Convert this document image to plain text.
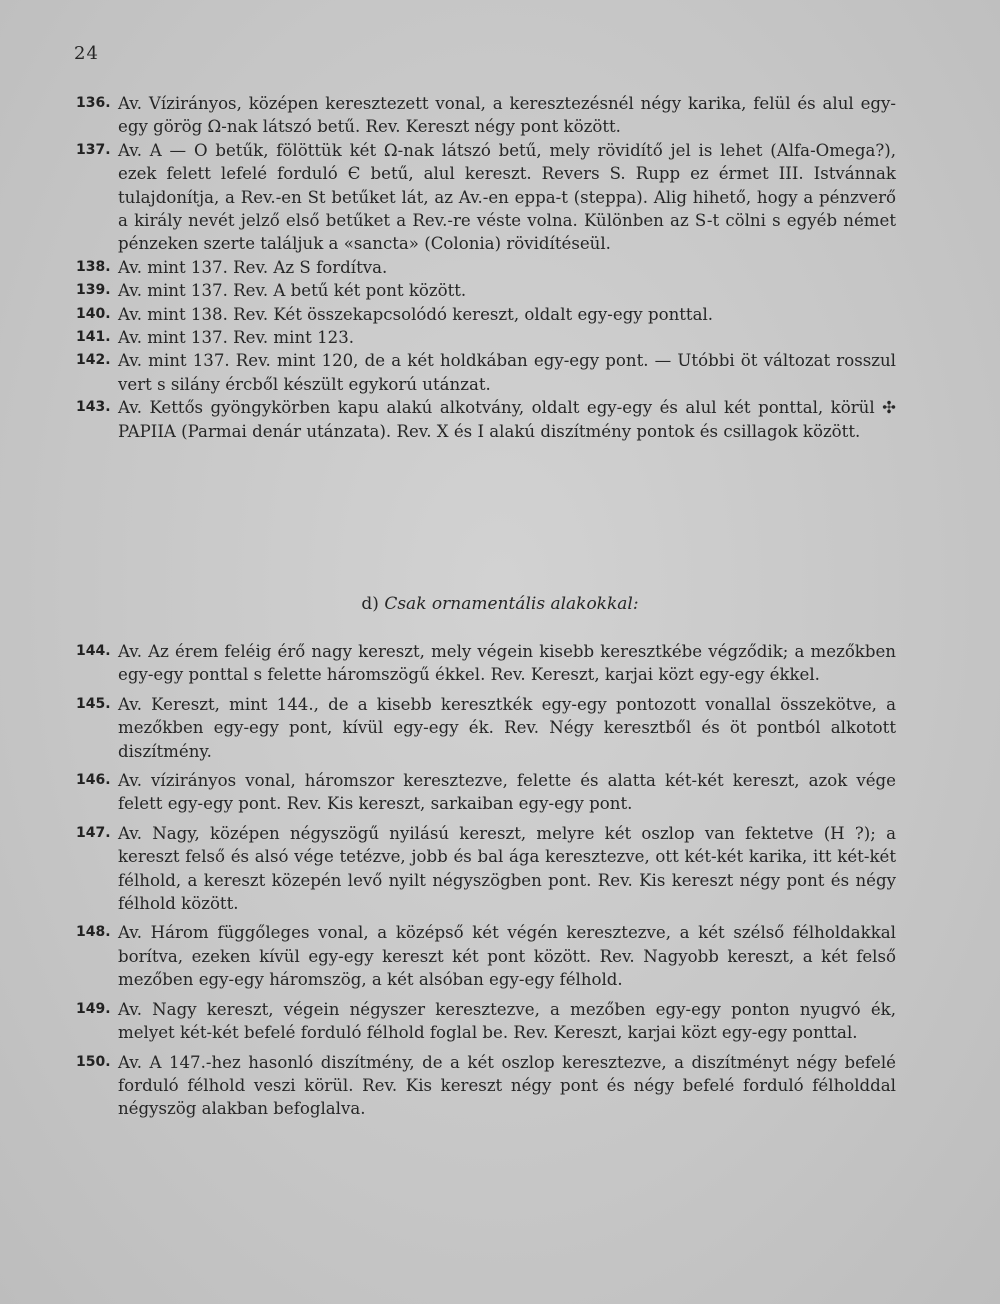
24
136. Av. Vízirányos, középen keresztezett vonal, a keresztezésnél négy karika, felül és alul egy-egy görög Ω-nak látszó betű. Rev. Kereszt négy pont között.
137. Av. A — O betűk, fölöttük két Ω-nak látszó betű, mely rövidítő jel is lehet (Alfa-Omega?), ezek felett lefelé forduló Є betű, alul kereszt. Revers S. Rupp ez érmet III. Istvánnak tulajdonítja, a Rev.-en St betűket lát, az Av.-en eppa-t (steppa). Alig hihető, hogy a pénzverő a király nevét jelző első betűket a Rev.-re véste volna. Különben az S-t cölni s egyéb német pénzeken szerte találjuk a «sancta» (Colonia) rövidítéseül.
138. Av. mint 137. Rev. Az S fordítva.
139. Av. mint 137. Rev. A betű két pont között.
140. Av. mint 138. Rev. Két összekapcsolódó kereszt, oldalt egy-egy ponttal.
141. Av. mint 137. Rev. mint 123.
142. Av. mint 137. Rev. mint 120, de a két holdkában egy-egy pont. — Utóbbi öt változat rosszul vert s silány ércből készült egykorú utánzat.
143. Av. Kettős gyöngykörben kapu alakú alkotvány, oldalt egy-egy és alul két ponttal, körül ✣ PAPIIA (Parmai denár utánzata). Rev. X és I alakú diszítmény pontok és csillagok között.
d) Csak ornamentális alakokkal:
144. Av. Az érem feléig érő nagy kereszt, mely végein kisebb keresztkébe végződik; a mezőkben egy-egy ponttal s felette háromszögű ékkel. Rev. Kereszt, karjai közt egy-egy ékkel.
145. Av. Kereszt, mint 144., de a kisebb keresztkék egy-egy pontozott vonallal összekötve, a mezőkben egy-egy pont, kívül egy-egy ék. Rev. Négy keresztből és öt pontból alkotott diszítmény.
146. Av. vízirányos vonal, háromszor keresztezve, felette és alatta két-két kereszt, azok vége felett egy-egy pont. Rev. Kis kereszt, sarkaiban egy-egy pont.
147. Av. Nagy, középen négyszögű nyilású kereszt, melyre két oszlop van fektetve (H ?); a kereszt felső és alsó vége tetézve, jobb és bal ága keresztezve, ott két-két karika, itt két-két félhold, a kereszt közepén levő nyilt négyszögben pont. Rev. Kis kereszt négy pont és négy félhold között.
148. Av. Három függőleges vonal, a középső két végén keresztezve, a két szélső félholdakkal borítva, ezeken kívül egy-egy kereszt két pont között. Rev. Nagyobb kereszt, a két felső mezőben egy-egy háromszög, a két alsóban egy-egy félhold.
149. Av. Nagy kereszt, végein négyszer keresztezve, a mezőben egy-egy ponton nyugvó ék, melyet két-két befelé forduló félhold foglal be. Rev. Kereszt, karjai közt egy-egy ponttal.
150. Av. A 147.-hez hasonló diszítmény, de a két oszlop keresztezve, a diszítményt négy befelé forduló félhold veszi körül. Rev. Kis kereszt négy pont és négy befelé forduló félholddal négyszög alakban befoglalva.
